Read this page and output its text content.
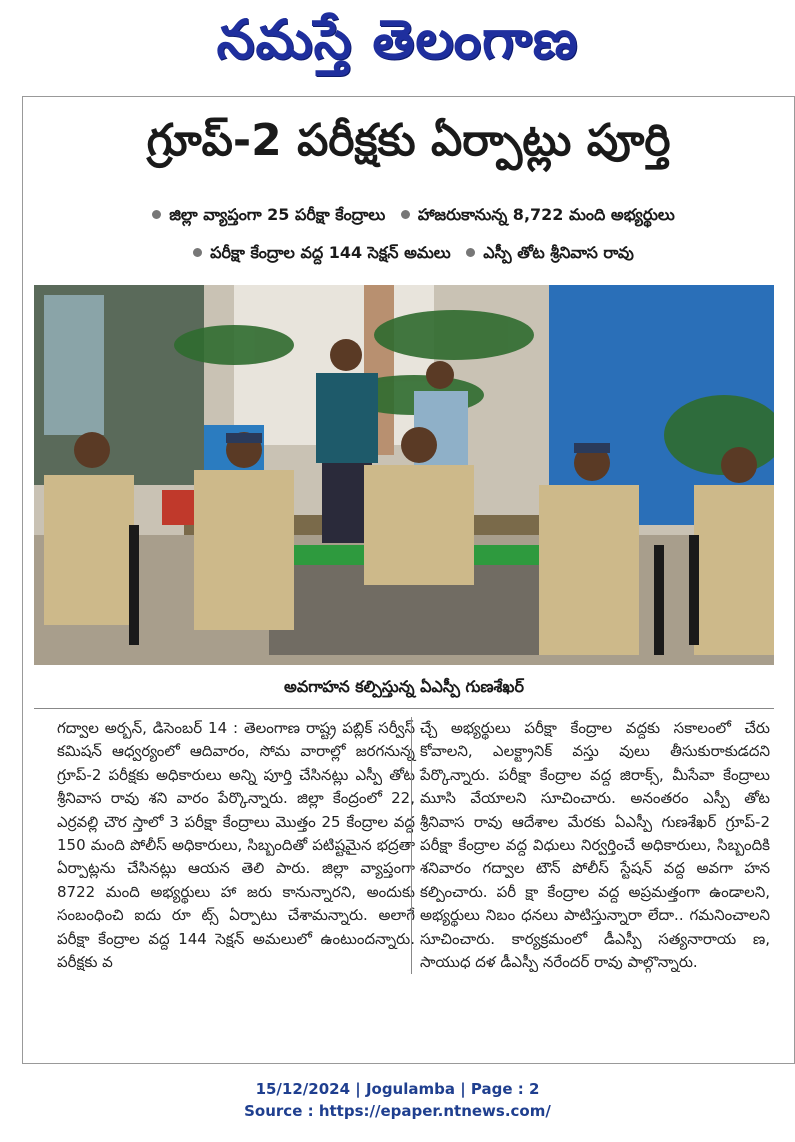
నమస్తే తెలంగాణ
గ్రూప్-2 పరీక్షకు ఏర్పాట్లు పూర్తి
జిల్లా వ్యాప్తంగా 25 పరీక్షా కేంద్రాలు హాజరుకానున్న 8,722 మంది అభ్యర్థులు
పరీక్షా కేంద్రాల వద్ద 144 సెక్షన్ అమలు ఎస్పీ తోట శ్రీనివాస రావు
అవగాహన కల్పిస్తున్న ఏఎస్పీ గుణశేఖర్
గద్వాల అర్బన్, డిసెంబర్ 14 : తెలంగాణ రాష్ట్ర పబ్లిక్ సర్వీస్ కమిషన్ ఆధ్వర్యంలో ఆదివారం, సోమ వారాల్లో జరగనున్న గ్రూప్-2 పరీక్షకు అధికారులు అన్ని పూర్తి చేసినట్లు ఎస్పీ తోట శ్రీనివాస రావు శని వారం పేర్కొన్నారు. జిల్లా కేంద్రంలో 22, ఎర్రవల్లి చౌర స్తాలో 3 పరీక్షా కేంద్రాలు మొత్తం 25 కేంద్రాల వద్ద 150 మంది పోలీస్ అధికారులు, సిబ్బందితో పటిష్టమైన భద్రతా ఏర్పాట్లను చేసినట్లు ఆయన తెలి పారు. జిల్లా వ్యాప్తంగా 8722 మంది అభ్యర్థులు హా జరు కానున్నారని, అందుకు సంబంధించి ఐదు రూ ట్స్ ఏర్పాటు చేశామన్నారు. అలాగే పరీక్షా కేంద్రాల వద్ద 144 సెక్షన్ అమలులో ఉంటుందన్నారు. పరీక్షకు వ
చ్చే అభ్యర్థులు పరీక్షా కేంద్రాల వద్దకు సకాలంలో చేరు కోవాలని, ఎలక్ట్రానిక్ వస్తు వులు తీసుకురాకుడదని పేర్కొన్నారు. పరీక్షా కేంద్రాల వద్ద జిరాక్స్, మీసేవా కేంద్రాలు మూసి వేయాలని సూచించారు. అనంతరం ఎస్పీ తోట శ్రీనివాస రావు ఆదేశాల మేరకు ఏఎస్పీ గుణశేఖర్ గ్రూప్-2 పరీక్షా కేంద్రాల వద్ద విధులు నిర్వర్తించే అధికారులు, సిబ్బందికి శనివారం గద్వాల టౌన్ పోలీస్ స్టేషన్ వద్ద అవగా హన కల్పించారు. పరీ క్షా కేంద్రాల వద్ద అప్రమత్తంగా ఉండాలని, అభ్యర్థులు నిబం ధనలు పాటిస్తున్నారా లేదా.. గమనించాలని సూచించారు. కార్యక్రమంలో డీఎస్పీ సత్యనారాయ ణ, సాయుధ దళ డీఎస్పీ నరేందర్ రావు పాల్గొన్నారు.
15/12/2024 | Jogulamba | Page : 2
Source : https://epaper.ntnews.com/
